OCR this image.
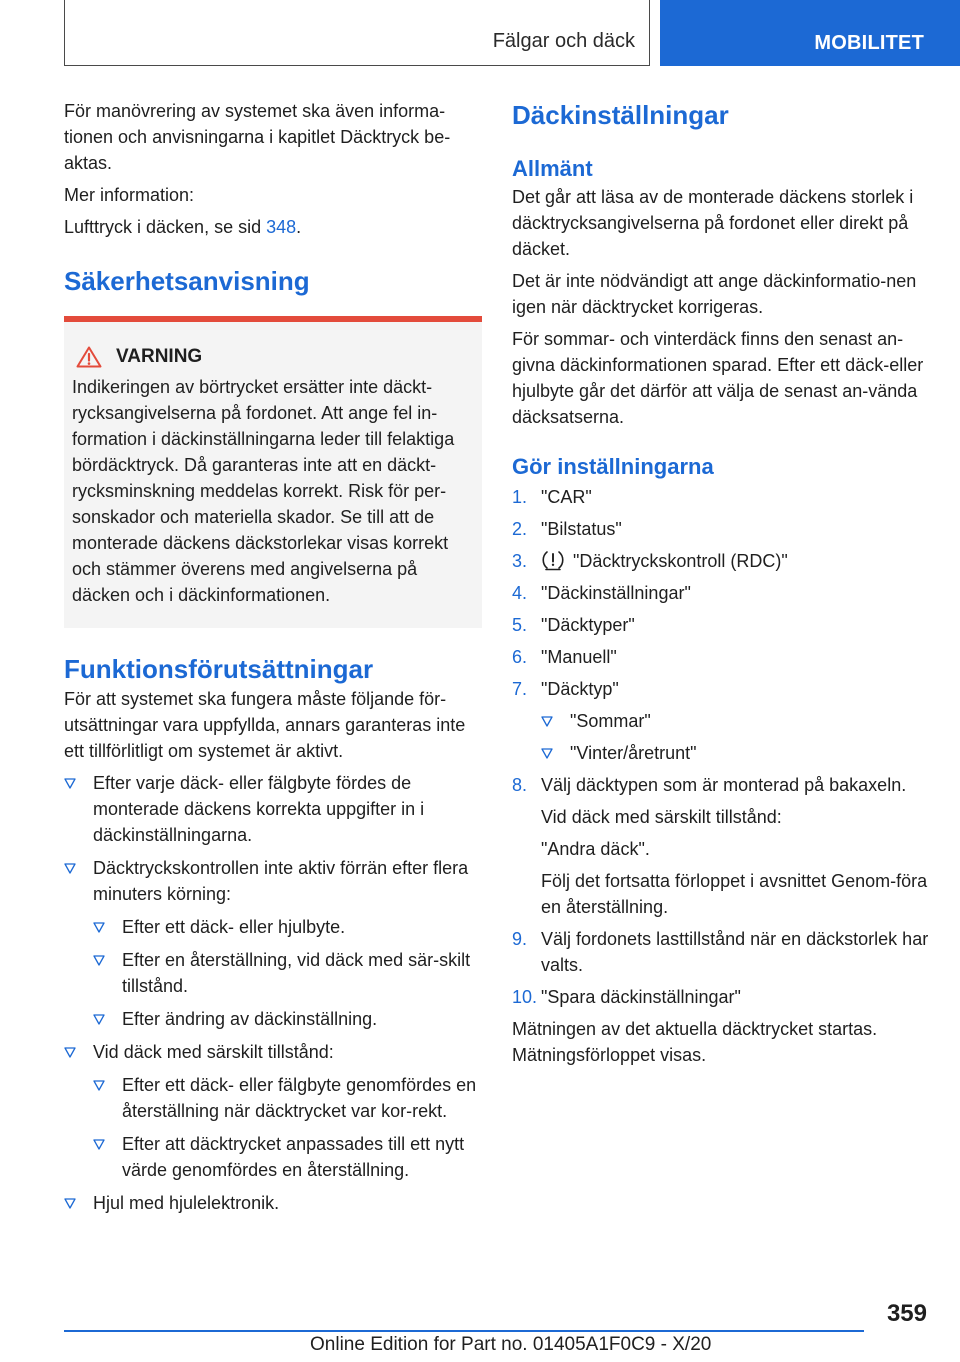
Fälgar och däck	MOBILITET

För manövrering av systemet ska även informa-tionen och anvisningarna i kapitlet Däcktryck be-aktas.

Mer information:

Lufttryck i däcken, se sid 348.

Säkerhetsanvisning
VARNING

Indikeringen av börtrycket ersätter inte däckt-rycksangivelserna på fordonet. Att ange fel in-formation i däckinställningarna leder till felaktiga bördäcktryck. Då garanteras inte att en däckt-rycksminskning meddelas korrekt. Risk för per-sonskador och materiella skador. Se till att de monterade däckens däckstorlekar visas korrekt och stämmer överens med angivelserna på däcken och i däckinformationen.

Funktionsförutsättningar

För att systemet ska fungera måste följande för-utsättningar vara uppfyllda, annars garanteras inte ett tillförlitligt om systemet är aktivt.

Efter varje däck- eller fälgbyte fördes de monterade däckens korrekta uppgifter in i däckinställningarna.
Däcktryckskontrollen inte aktiv förrän efter flera minuters körning:
Efter ett däck- eller hjulbyte.
Efter en återställning, vid däck med sär-skilt tillstånd.
Efter ändring av däckinställning.
Vid däck med särskilt tillstånd:
Efter ett däck- eller fälgbyte genomfördes en återställning när däcktrycket var kor-rekt.
Efter att däcktrycket anpassades till ett nytt värde genomfördes en återställning.
Hjul med hjulelektronik.
Däckinställningar
Allmänt

Det går att läsa av de monterade däckens storlek i däcktrycksangivelserna på fordonet eller direkt på däcket.

Det är inte nödvändigt att ange däckinformatio-nen igen när däcktrycket korrigeras.

För sommar- och vinterdäck finns den senast an-givna däckinformationen sparad. Efter ett däck-eller hjulbyte går det därför att välja de senast an-vända däcksatserna.

Gör inställningarna
1. "CAR"
2. "Bilstatus"
3.	"Däcktryckskontroll (RDC)"
4. "Däckinställningar"
5. "Däcktyper"
6. "Manuell"
7. "Däcktyp"
"Sommar"
"Vinter/åretrunt"
8. Välj däcktypen som är monterad på bakaxeln.
Vid däck med särskilt tillstånd:
"Andra däck".
Följ det fortsatta förloppet i avsnittet Genom-föra en återställning.
9. Välj fordonets lasttillstånd när en däckstorlek har valts.
10. "Spara däckinställningar"

Mätningen av det aktuella däcktrycket startas. Mätningsförloppet visas.

359
Online Edition for Part no. 01405A1F0C9 - X/20
